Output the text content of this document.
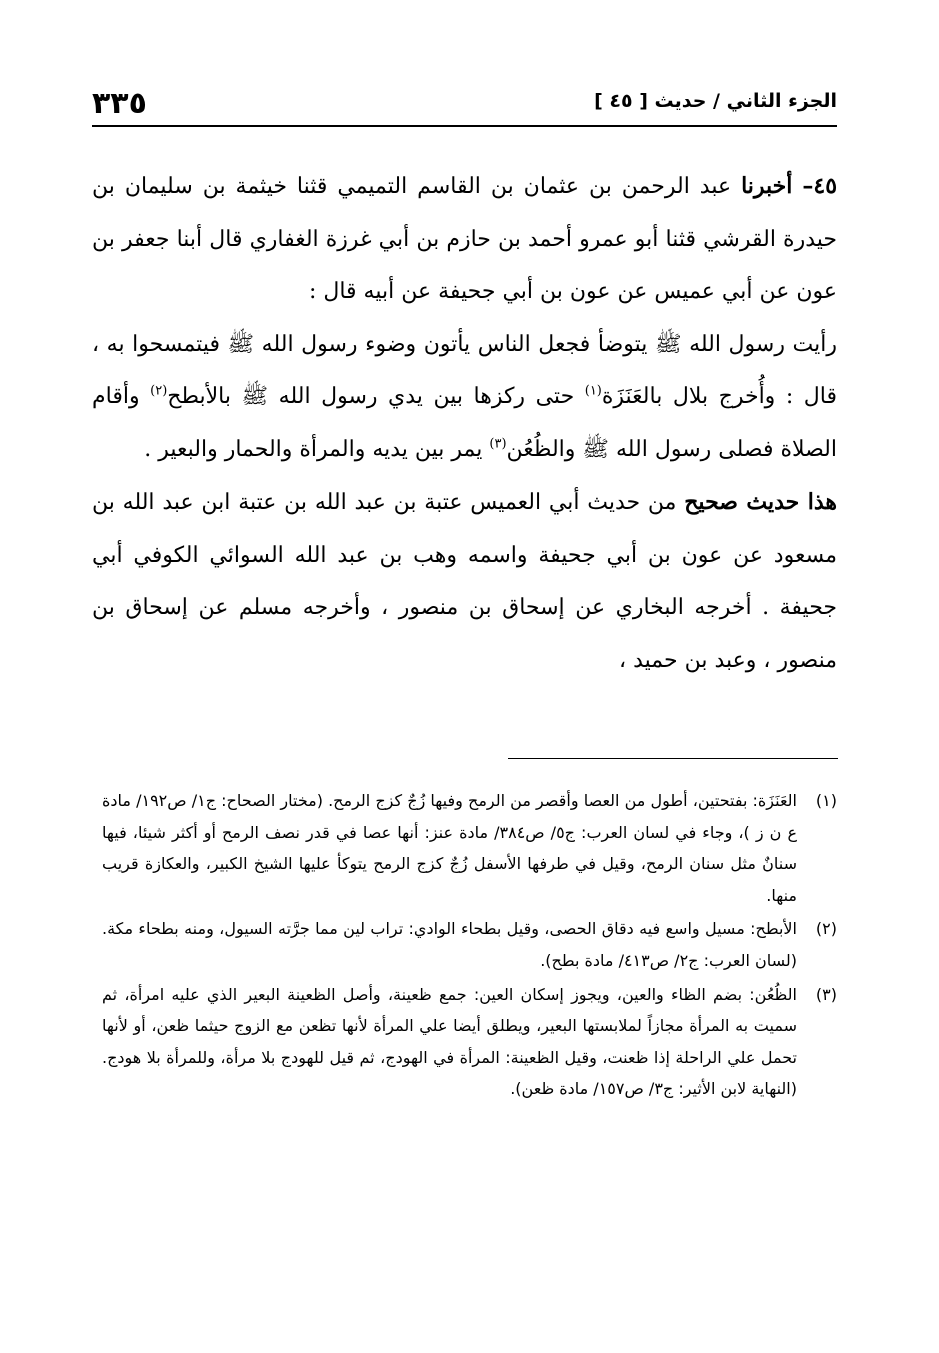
٣٣٥	الجزء الثاني / حديث [ ٤٥ ]

٤٥– أخبرنا عبد الرحمن بن عثمان بن القاسم التميمي قثنا خيثمة بن سليمان بن حيدرة القرشي قثنا أبو عمرو أحمد بن حازم بن أبي غرزة الغفاري قال أبنا جعفر بن عون عن أبي عميس عن عون بن أبي جحيفة عن أبيه قال :

رأيت رسول الله ﷺ يتوضأ فجعل الناس يأتون وضوء رسول الله ﷺ فيتمسحوا به ، قال : وأُخرج بلال بالعَنَزَة$^{(١)}$ حتى ركزها بين يدي رسول الله ﷺ بالأبطح$^{(٢)}$ وأقام الصلاة فصلى رسول الله ﷺ والظُعُن$^{(٣)}$ يمر بين يديه والمرأة والحمار والبعير .

هذا حديث صحيح من حديث أبي العميس عتبة بن عبد الله بن عتبة ابن عبد الله بن مسعود عن عون بن أبي جحيفة واسمه وهب بن عبد الله السوائي الكوفي أبي جحيفة . أخرجه البخاري عن إسحاق بن منصور ، وأخرجه مسلم عن إسحاق بن منصور ، وعبد بن حميد ،

(١)
العَنَزَة: بفتحتين، أطول من العصا وأقصر من الرمح وفيها زُجٌ كزج الرمح. (مختار الصحاح: ج١/ ص١٩٢/ مادة ع ن ز )، وجاء في لسان العرب: ج٥/ ص٣٨٤/ مادة عنز: أنها عصا في قدر نصف الرمح أو أكثر شيئا، فيها سنانٌ مثل سنان الرمح، وقيل في طرفها الأسفل زُجٌ كزج الرمح يتوكأ عليها الشيخ الكبير، والعكازة قريب منها.
(٢)
الأبطح: مسيل واسع فيه دقاق الحصى، وقيل بطحاء الوادي: تراب لين مما جرَّته السيول، ومنه بطحاء مكة. (لسان العرب: ج٢/ ص٤١٣/ مادة بطح).
(٣)
الظُعُن: بضم الظاء والعين، ويجوز إسكان العين: جمع ظعينة، وأصل الظعينة البعير الذي عليه امرأة، ثم سميت به المرأة مجازاً لملابستها البعير، ويطلق أيضا علي المرأة لأنها تظعن مع الزوج حيثما ظعن، أو لأنها تحمل علي الراحلة إذا ظعنت، وقيل الظعينة: المرأة في الهودج، ثم قيل للهودج بلا مرأة، وللمرأة بلا هودج. (النهاية لابن الأثير: ج٣/ ص١٥٧/ مادة ظعن).
